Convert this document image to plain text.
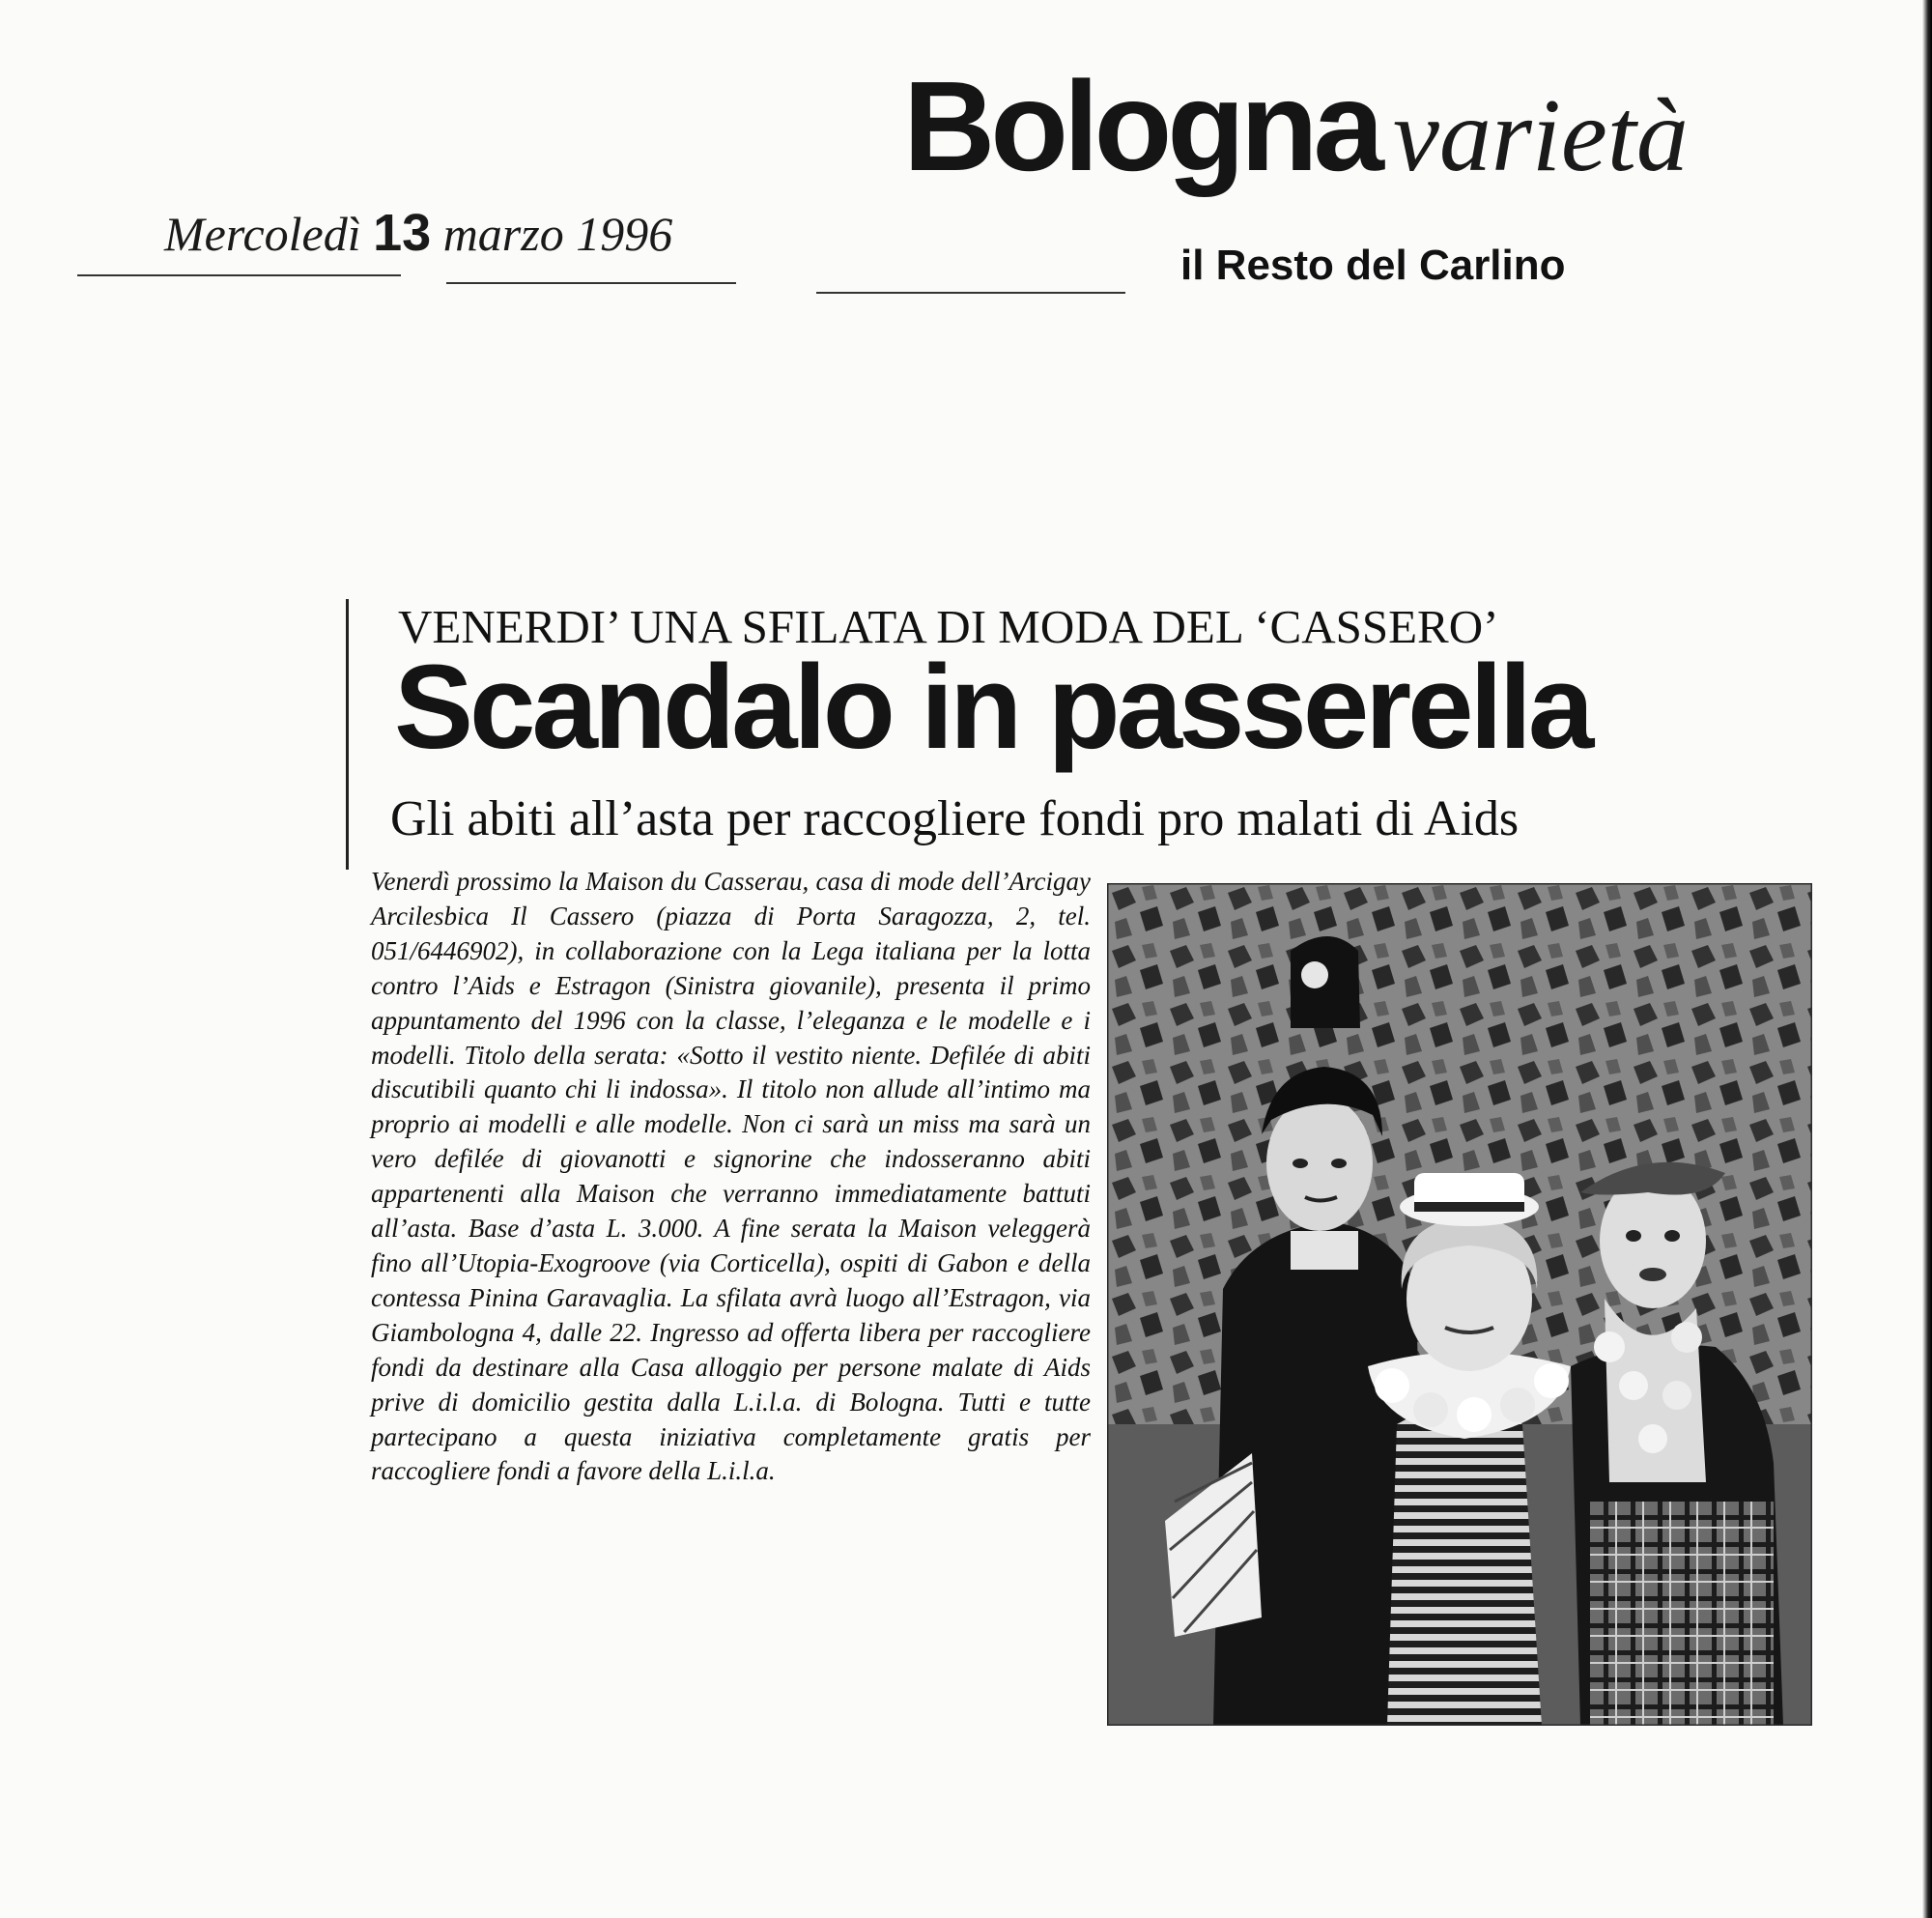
Mercoledì 13 marzo 1996
Bologna varietà
il Resto del Carlino
VENERDI’ UNA SFILATA DI MODA DEL ‘CASSERO’
Scandalo in passerella
Gli abiti all’asta per raccogliere fondi pro malati di Aids
Venerdì prossimo la Maison du Casserau, casa di mode dell’Arcigay Arcilesbica Il Cassero (piazza di Porta Saragozza, 2, tel. 051/6446902), in collaborazione con la Lega italiana per la lotta contro l’Aids e Estragon (Sinistra giovanile), presenta il primo appuntamento del 1996 con la classe, l’eleganza e le modelle e i modelli. Titolo della serata: «Sotto il vestito niente. Defilée di abiti discutibili quanto chi li indossa». Il titolo non allude all’intimo ma proprio ai modelli e alle modelle. Non ci sarà un miss ma sarà un vero defilée di giovanotti e signorine che indosseranno abiti appartenenti alla Maison che verranno immediatamente battuti all’asta. Base d’asta L. 3.000. A fine serata la Maison veleggerà fino all’Utopia-Exogroove (via Corticella), ospiti di Gabon e della contessa Pinina Garavaglia. La sfilata avrà luogo all’Estragon, via Giambologna 4, dalle 22. Ingresso ad offerta libera per raccogliere fondi da destinare alla Casa alloggio per persone malate di Aids prive di domicilio gestita dalla L.i.l.a. di Bologna. Tutti e tutte partecipano a questa iniziativa completamente gratis per raccogliere fondi a favore della L.i.l.a.
